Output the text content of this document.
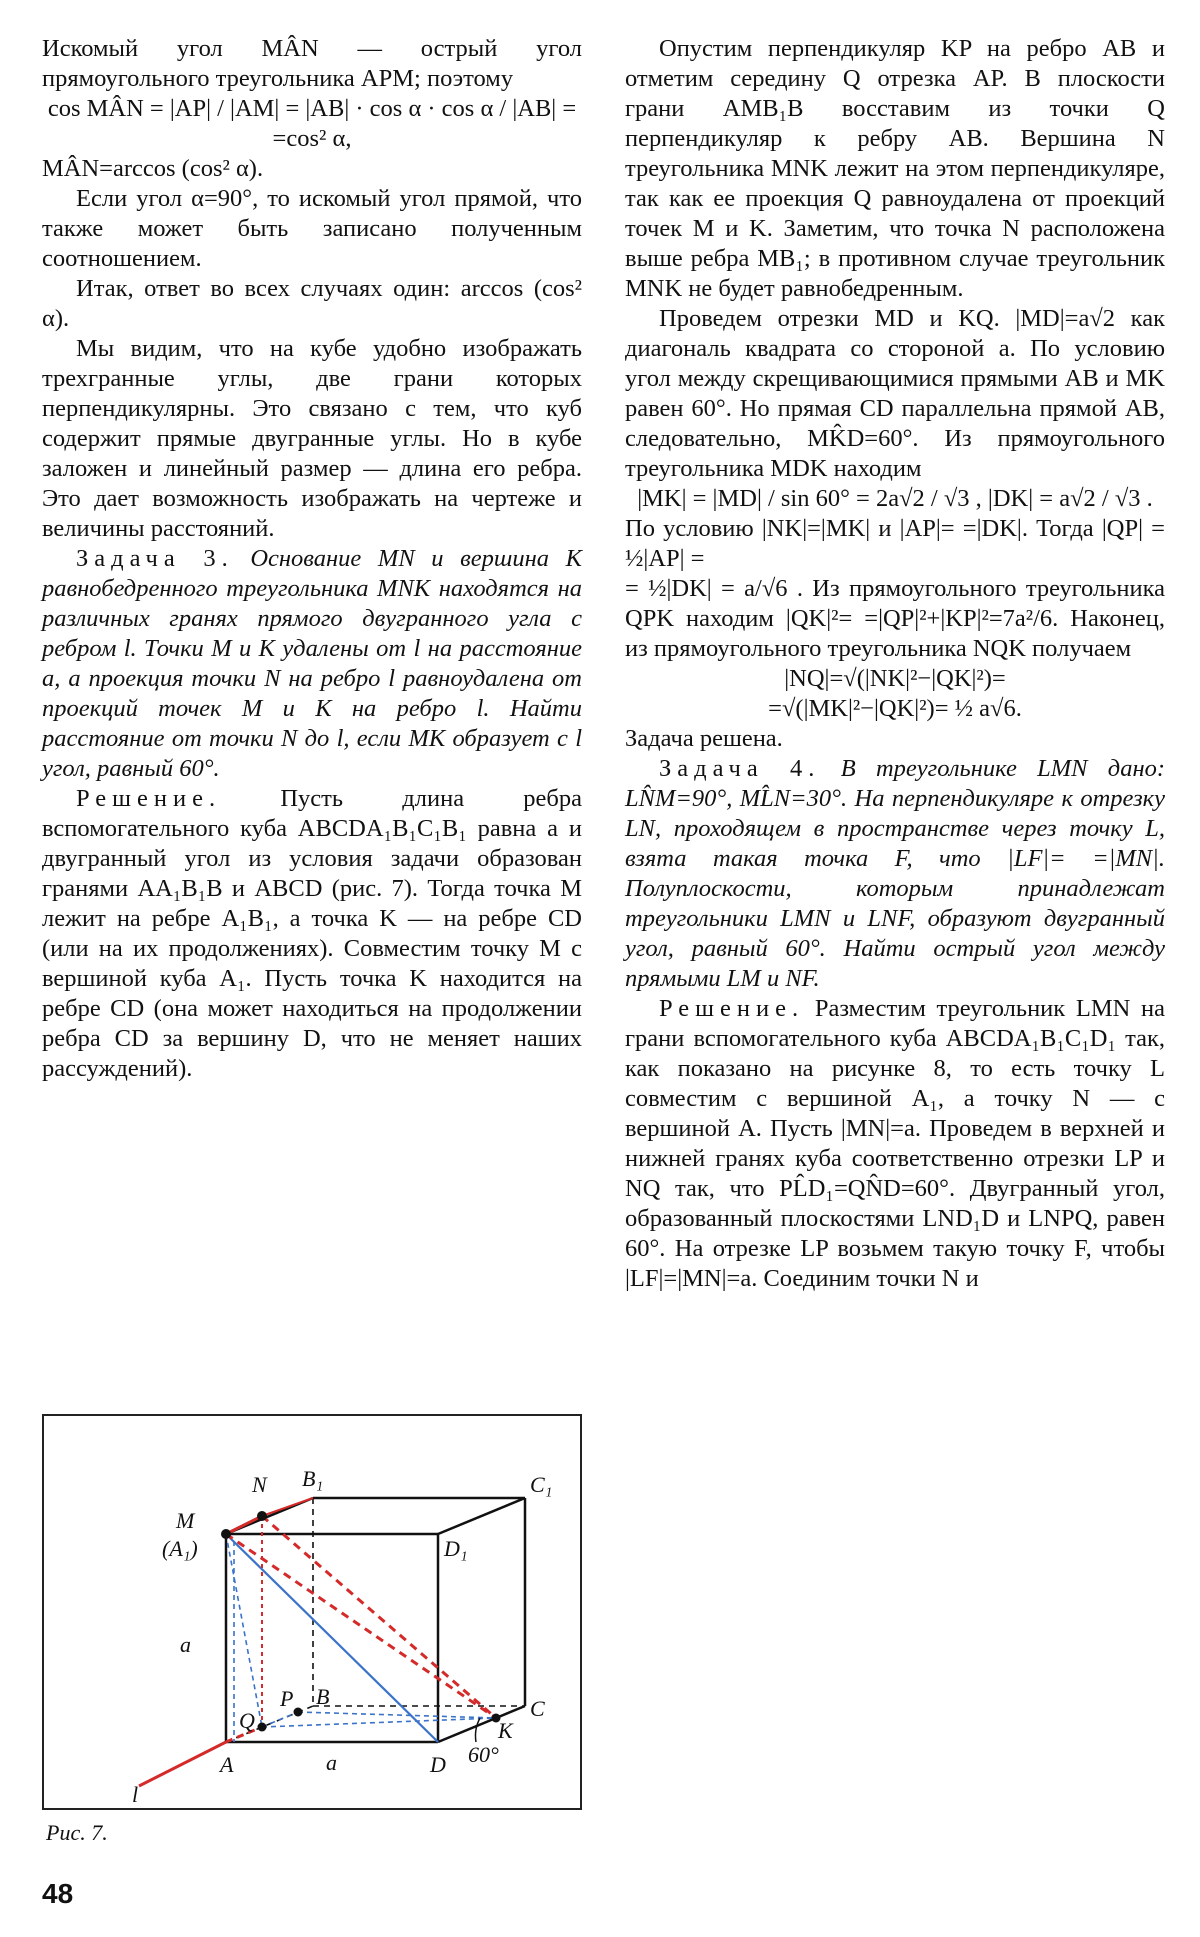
Искомый угол MÂN — острый угол прямоугольного треугольника APM; поэтому

cos MÂN = |AP| / |AM| = |AB| · cos α · cos α / |AB| =

=cos² α,

MÂN=arccos (cos² α).

Если угол α=90°, то искомый угол прямой, что также может быть записано полученным соотношением.

Итак, ответ во всех случаях один: arccos (cos² α).

Мы видим, что на кубе удобно изображать трехгранные углы, две грани которых перпендикулярны. Это связано с тем, что куб содержит прямые двугранные углы. Но в кубе заложен и линейный размер — длина его ребра. Это дает возможность изображать на чертеже и величины расстояний.

Задача 3. Основание MN и вершина K равнобедренного треугольника MNK находятся на различных гранях прямого двугранного угла с ребром l. Точки M и K удалены от l на расстояние a, а проекция точки N на ребро l равноудалена от проекций точек M и K на ребро l. Найти расстояние от точки N до l, если MK образует с l угол, равный 60°.

Решение. Пусть длина ребра вспомогательного куба ABCDA₁B₁C₁B₁ равна a и двугранный угол из условия задачи образован гранями AA₁B₁B и ABCD (рис. 7). Тогда точка M лежит на ребре A₁B₁, а точка K — на ребре CD (или на их продолжениях). Совместим точку M с вершиной куба A₁. Пусть точка K находится на ребре CD (она может находиться на продолжении ребра CD за вершину D, что не меняет наших рассуждений).

Опустим перпендикуляр KP на ребро AB и отметим середину Q отрезка AP. В плоскости грани AMB₁B восставим из точки Q перпендикуляр к ребру AB. Вершина N треугольника MNK лежит на этом перпендикуляре, так как ее проекция Q равноудалена от проекций точек M и K. Заметим, что точка N расположена выше ребра MB₁; в противном случае треугольник MNK не будет равнобедренным.

Проведем отрезки MD и KQ. |MD|=a√2 как диагональ квадрата со стороной a. По условию угол между скрещивающимися прямыми AB и MK равен 60°. Но прямая CD параллельна прямой AB, следовательно, MK̂D=60°. Из прямоугольного треугольника MDK находим

|MK| = |MD| / sin 60° = 2a√2 / √3 , |DK| = a√2 / √3 .

По условию |NK|=|MK| и |AP|= =|DK|. Тогда |QP| = ½|AP| =

= ½|DK| = a/√6 . Из прямоугольного треугольника QPK находим |QK|²= =|QP|²+|KP|²=7a²/6. Наконец, из прямоугольного треугольника NQK получаем

|NQ|=√(|NK|²−|QK|²)=

=√(|MK|²−|QK|²)= ½ a√6.

Задача решена.

Задача 4. В треугольнике LMN дано: LN̂M=90°, ML̂N=30°. На перпендикуляре к отрезку LN, проходящем в пространстве через точку L, взята такая точка F, что |LF|= =|MN|. Полуплоскости, которым принадлежат треугольники LMN и LNF, образуют двугранный угол, равный 60°. Найти острый угол между прямыми LM и NF.

Решение. Разместим треугольник LMN на грани вспомогательного куба ABCDA₁B₁C₁D₁ так, как показано на рисунке 8, то есть точку L совместим с вершиной A₁, а точку N — с вершиной A. Пусть |MN|=a. Проведем в верхней и нижней гранях куба соответственно отрезки LP и NQ так, что PL̂D₁=QN̂D=60°. Двугранный угол, образованный плоскостями LND₁D и LNPQ, равен 60°. На отрезке LP возьмем такую точку F, чтобы |LF|=|MN|=a. Соединим точки N и

N B₁	C₁
M
(A₁)	D₁
a
Q
P B	C
K
l
A	a	D 60°
Рис. 7.
48
